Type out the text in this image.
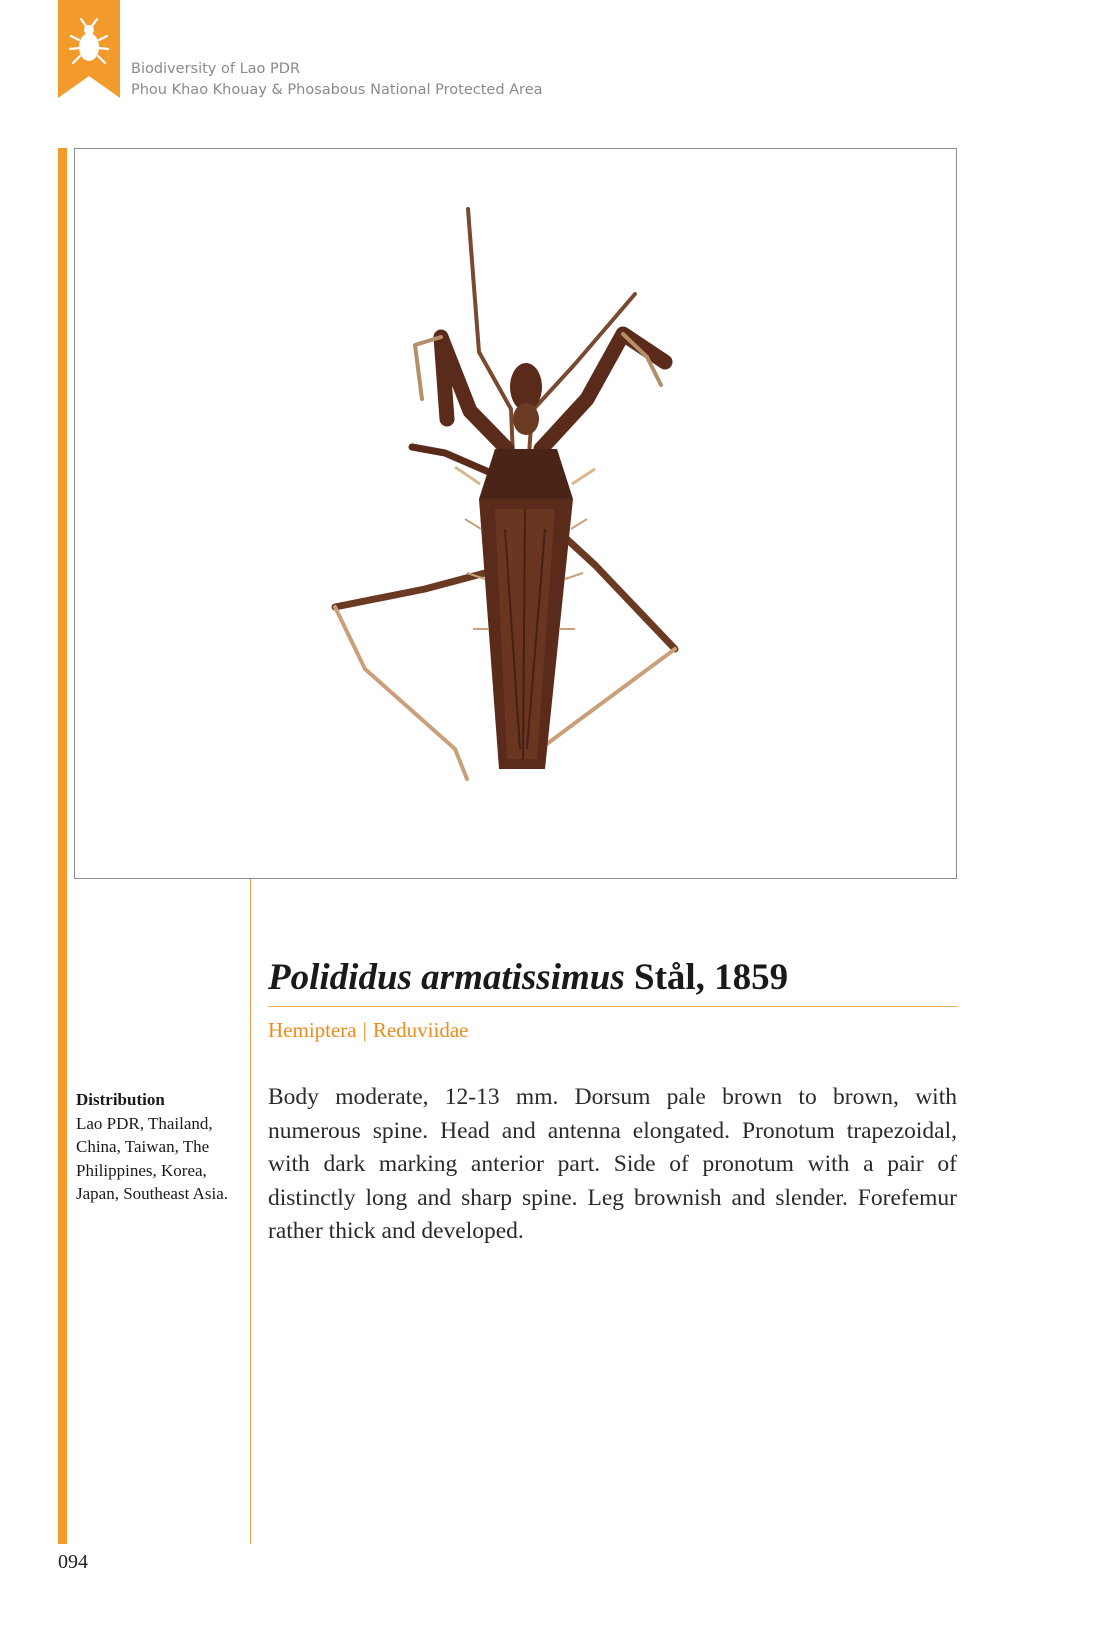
Biodiversity of Lao PDR
Phou Khao Khouay & Phosabous National Protected Area
Polididus armatissimus Stål, 1859
Hemiptera | Reduviidae

Body moderate, 12-13 mm. Dorsum pale brown to brown, with numerous spine. Head and antenna elongated. Pronotum trapezoidal, with dark marking anterior part. Side of pronotum with a pair of distinctly long and sharp spine. Leg brownish and slender. Forefemur rather thick and developed.

Distribution
Lao PDR, Thailand, China, Taiwan, The Philippines, Korea, Japan, Southeast Asia.
094
